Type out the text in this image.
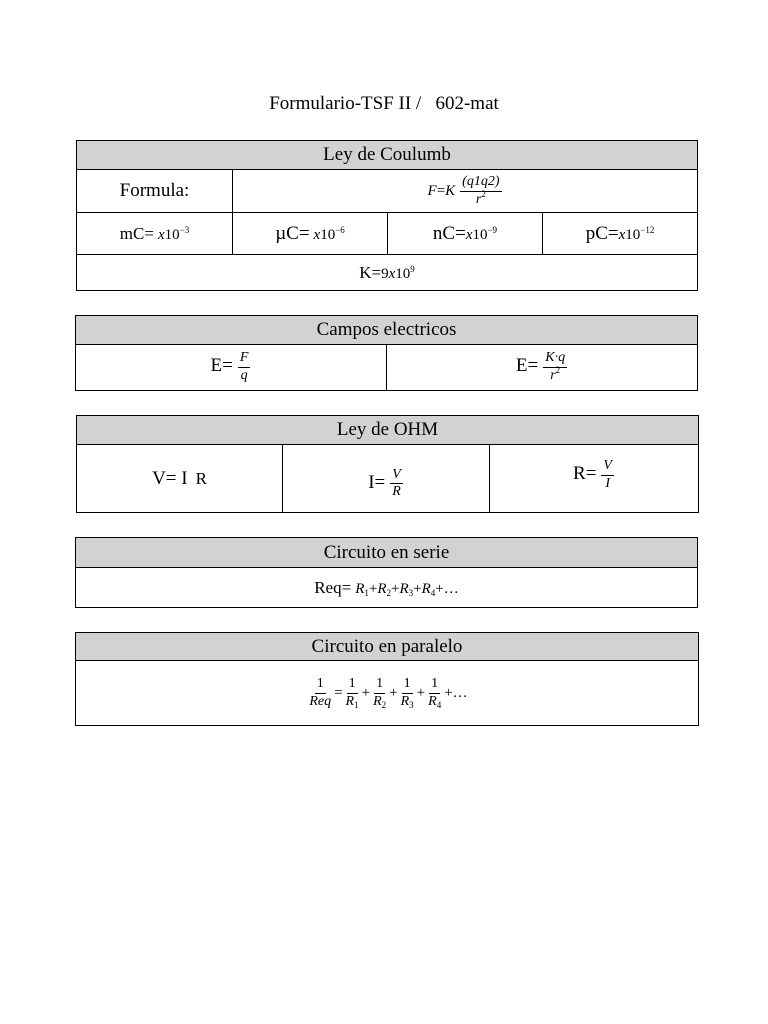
Formulario-TSF II /   602-mat
Ley de Coulumb			
Formula:	$F=K \frac{(q1q2)}{r^2}$

$mC= x10^{-3}$	$\mu C= x10^{-6}$	$nC=x10^{-9}$	$pC=x10^{-12}$
$K=9x10^9$
Campos electricos
$E= \frac{F}{q}$	$E= \frac{K\cdot q}{r^2}$
Ley de OHM
V= I R	$I= \frac{V}{R}$	$R= \frac{V}{I}$
Circuito en serie
$Req= R_1+R_2+R_3+R_4+\dots$
Circuito en paralelo

$\frac{1}{\text{Req}} = \frac{1}{R_1} + \frac{1}{R_2} + \frac{1}{R_3} + \frac{1}{R_4}$ +…
